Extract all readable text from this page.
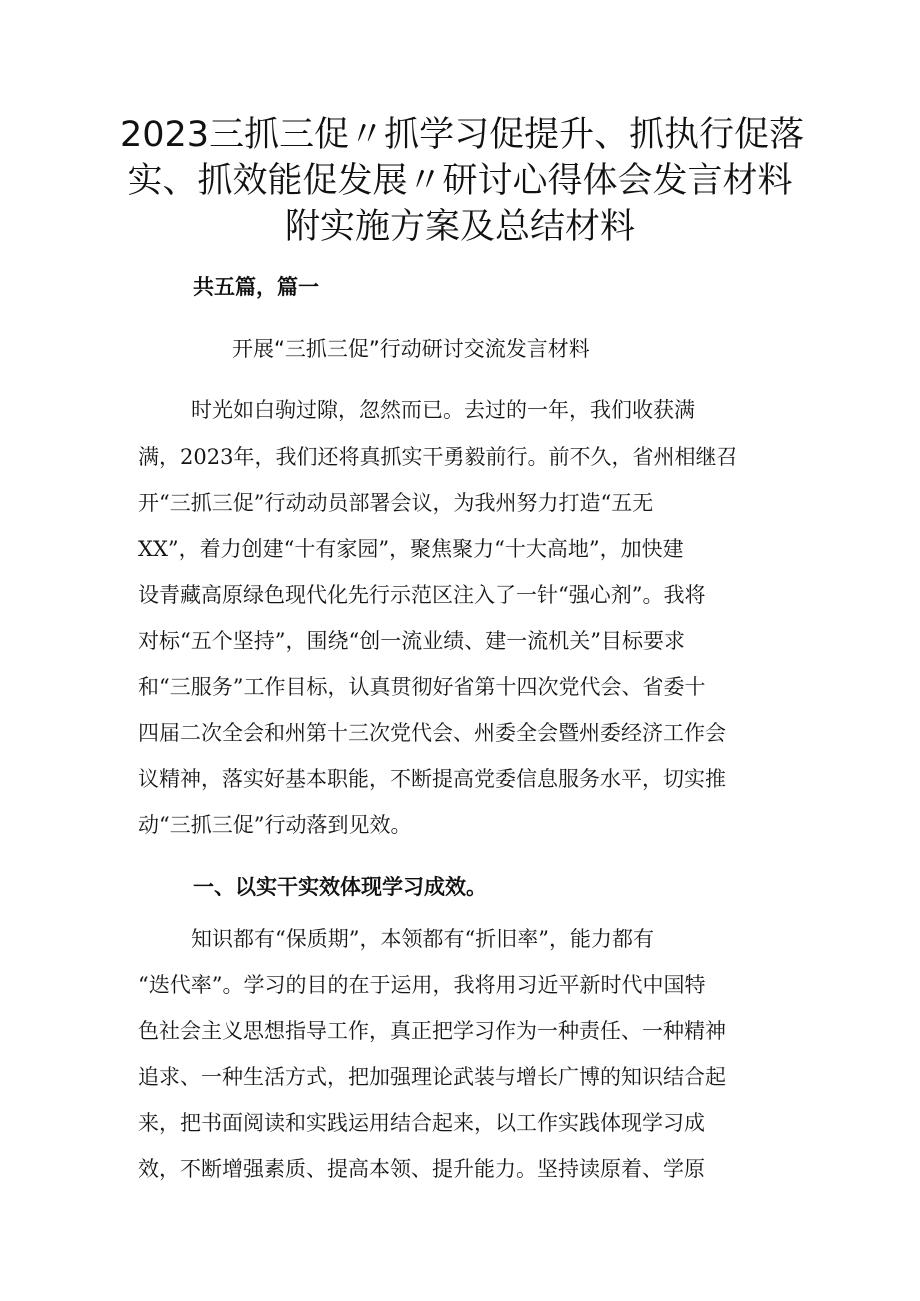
2023三抓三促〃抓学习促提升、抓执行促落
实、抓效能促发展〃研讨心得体会发言材料
附实施方案及总结材料
共五篇，篇一
开展“三抓三促”行动研讨交流发言材料
时光如白驹过隙，忽然而已。去过的一年，我们收获满
满，2023年，我们还将真抓实干勇毅前行。前不久，省州相继召
开“三抓三促”行动动员部署会议，为我州努力打造“五无
XX”，着力创建“十有家园”，聚焦聚力“十大高地”，加快建
设青藏高原绿色现代化先行示范区注入了一针“强心剂”。我将
对标“五个坚持”，围绕“创一流业绩、建一流机关”目标要求
和“三服务”工作目标，认真贯彻好省第十四次党代会、省委十
四届二次全会和州第十三次党代会、州委全会暨州委经济工作会
议精神，落实好基本职能，不断提高党委信息服务水平，切实推
动“三抓三促”行动落到见效。
一、以实干实效体现学习成效。
知识都有“保质期”，本领都有“折旧率”，能力都有
“迭代率”。学习的目的在于运用，我将用习近平新时代中国特
色社会主义思想指导工作，真正把学习作为一种责任、一种精神
追求、一种生活方式，把加强理论武装与增长广博的知识结合起
来，把书面阅读和实践运用结合起来，以工作实践体现学习成
效，不断增强素质、提高本领、提升能力。坚持读原着、学原
